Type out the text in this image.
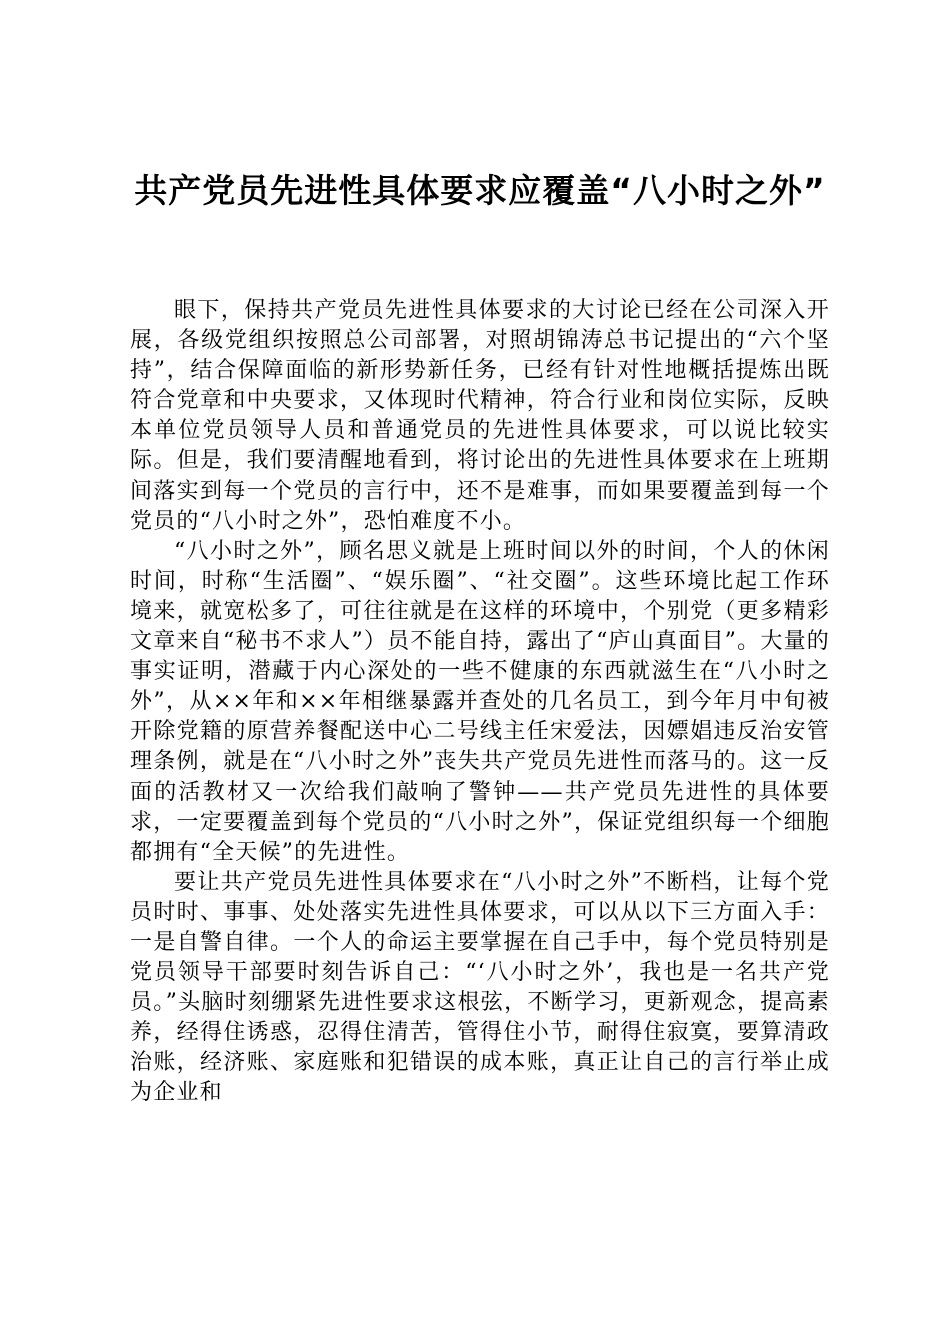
共产党员先进性具体要求应覆盖“八小时之外”

眼下，保持共产党员先进性具体要求的大讨论已经在公司深入开展，各级党组织按照总公司部署，对照胡锦涛总书记提出的“六个坚持”，结合保障面临的新形势新任务，已经有针对性地概括提炼出既符合党章和中央要求，又体现时代精神，符合行业和岗位实际，反映本单位党员领导人员和普通党员的先进性具体要求，可以说比较实际。但是，我们要清醒地看到，将讨论出的先进性具体要求在上班期间落实到每一个党员的言行中，还不是难事，而如果要覆盖到每一个党员的“八小时之外”，恐怕难度不小。

“八小时之外”，顾名思义就是上班时间以外的时间，个人的休闲时间，时称“生活圈”、“娱乐圈”、“社交圈”。这些环境比起工作环境来，就宽松多了，可往往就是在这样的环境中，个别党（更多精彩文章来自“秘书不求人”）员不能自持，露出了“庐山真面目”。大量的事实证明，潜藏于内心深处的一些不健康的东西就滋生在“八小时之外”，从××年和××年相继暴露并查处的几名员工，到今年月中旬被开除党籍的原营养餐配送中心二号线主任宋爱法，因嫖娼违反治安管理条例，就是在“八小时之外”丧失共产党员先进性而落马的。这一反面的活教材又一次给我们敲响了警钟——共产党员先进性的具体要求，一定要覆盖到每个党员的“八小时之外”，保证党组织每一个细胞都拥有“全天候”的先进性。

要让共产党员先进性具体要求在“八小时之外”不断档，让每个党员时时、事事、处处落实先进性具体要求，可以从以下三方面入手：一是自警自律。一个人的命运主要掌握在自己手中，每个党员特别是党员领导干部要时刻告诉自己：“‘八小时之外’，我也是一名共产党员。”头脑时刻绷紧先进性要求这根弦，不断学习，更新观念，提高素养，经得住诱惑，忍得住清苦，管得住小节，耐得住寂寞，要算清政治账，经济账、家庭账和犯错误的成本账，真正让自己的言行举止成为企业和
